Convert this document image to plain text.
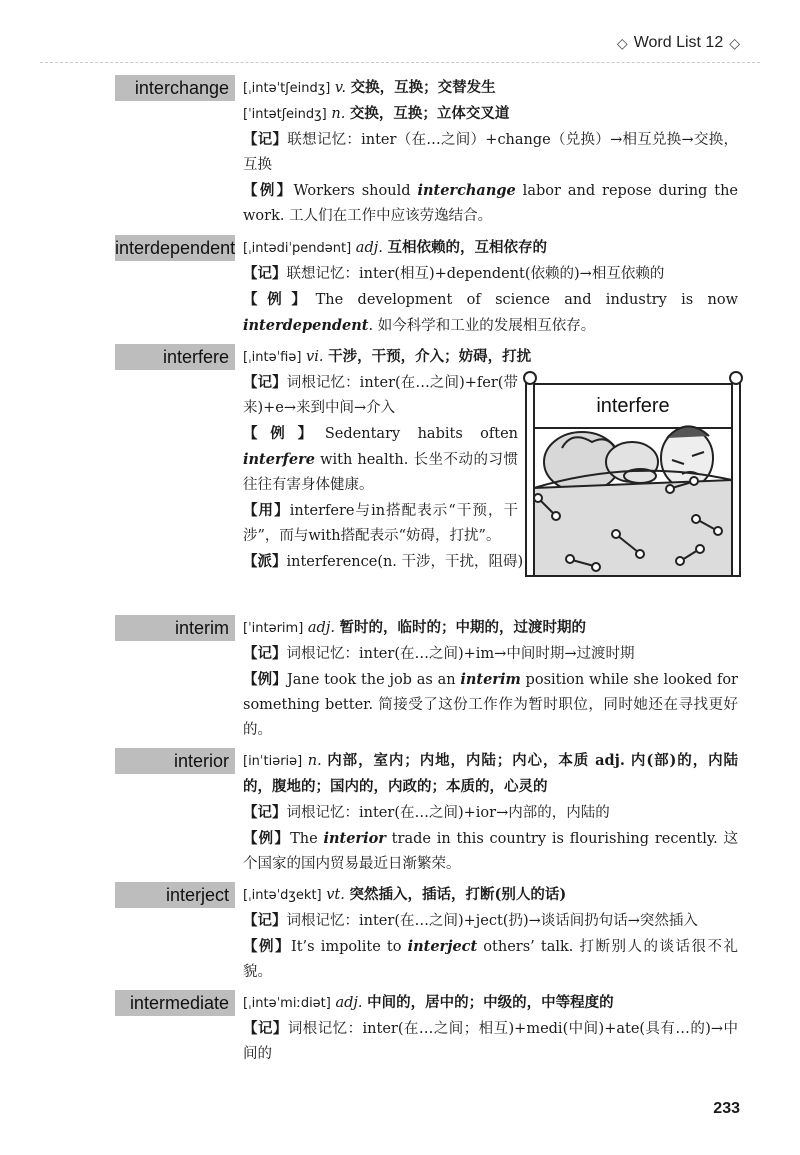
◇ Word List 12 ◇
interchange	[ˌintəˈtʃeindʒ] v. 交换，互换；交替发生

[ˈintətʃeindʒ] n. 交换，互换；立体交叉道

【记】联想记忆：inter（在…之间）+change（兑换）→相互兑换→交换，互换

【例】Workers should interchange labor and repose during the work. 工人们在工作中应该劳逸结合。

interdependent [ˌintədiˈpendənt] adj. 互相依赖的，互相依存的

【记】联想记忆：inter(相互)+dependent(依赖的)→相互依赖的

【例】The development of science and industry is now interdependent. 如今科学和工业的发展相互依存。

interfere	[ˌintəˈfiə] vi. 干涉，干预，介入；妨碍，打扰

【记】词根记忆：inter(在…之间)+fer(带来)+e→来到中间→介入

【例】Sedentary habits often interfere with health. 长坐不动的习惯往往有害身体健康。

【用】interfere与in搭配表示“干预，干涉”，而与with搭配表示“妨碍，打扰”。

【派】interference(n. 干涉，干扰，阻碍)

interfere
interim	[ˈintərim] adj. 暂时的，临时的；中期的，过渡时期的

【记】词根记忆：inter(在…之间)+im→中间时期→过渡时期

【例】Jane took the job as an interim position while she looked for something better. 简接受了这份工作作为暂时职位，同时她还在寻找更好的。

interior	[inˈtiəriə] n. 内部，室内；内地，内陆；内心，本质 adj. 内(部)的，内陆的，腹地的；国内的，内政的；本质的，心灵的

【记】词根记忆：inter(在…之间)+ior→内部的，内陆的

【例】The interior trade in this country is flourishing recently. 这个国家的国内贸易最近日渐繁荣。

interject	[ˌintəˈdʒekt] vt. 突然插入，插话，打断(别人的话)

【记】词根记忆：inter(在…之间)+ject(扔)→谈话间扔句话→突然插入

【例】It’s impolite to interject others’ talk. 打断别人的谈话很不礼貌。

intermediate	[ˌintəˈmiːdiət] adj. 中间的，居中的；中级的，中等程度的

【记】词根记忆：inter(在…之间；相互)+medi(中间)+ate(具有…的)→中间的

233
